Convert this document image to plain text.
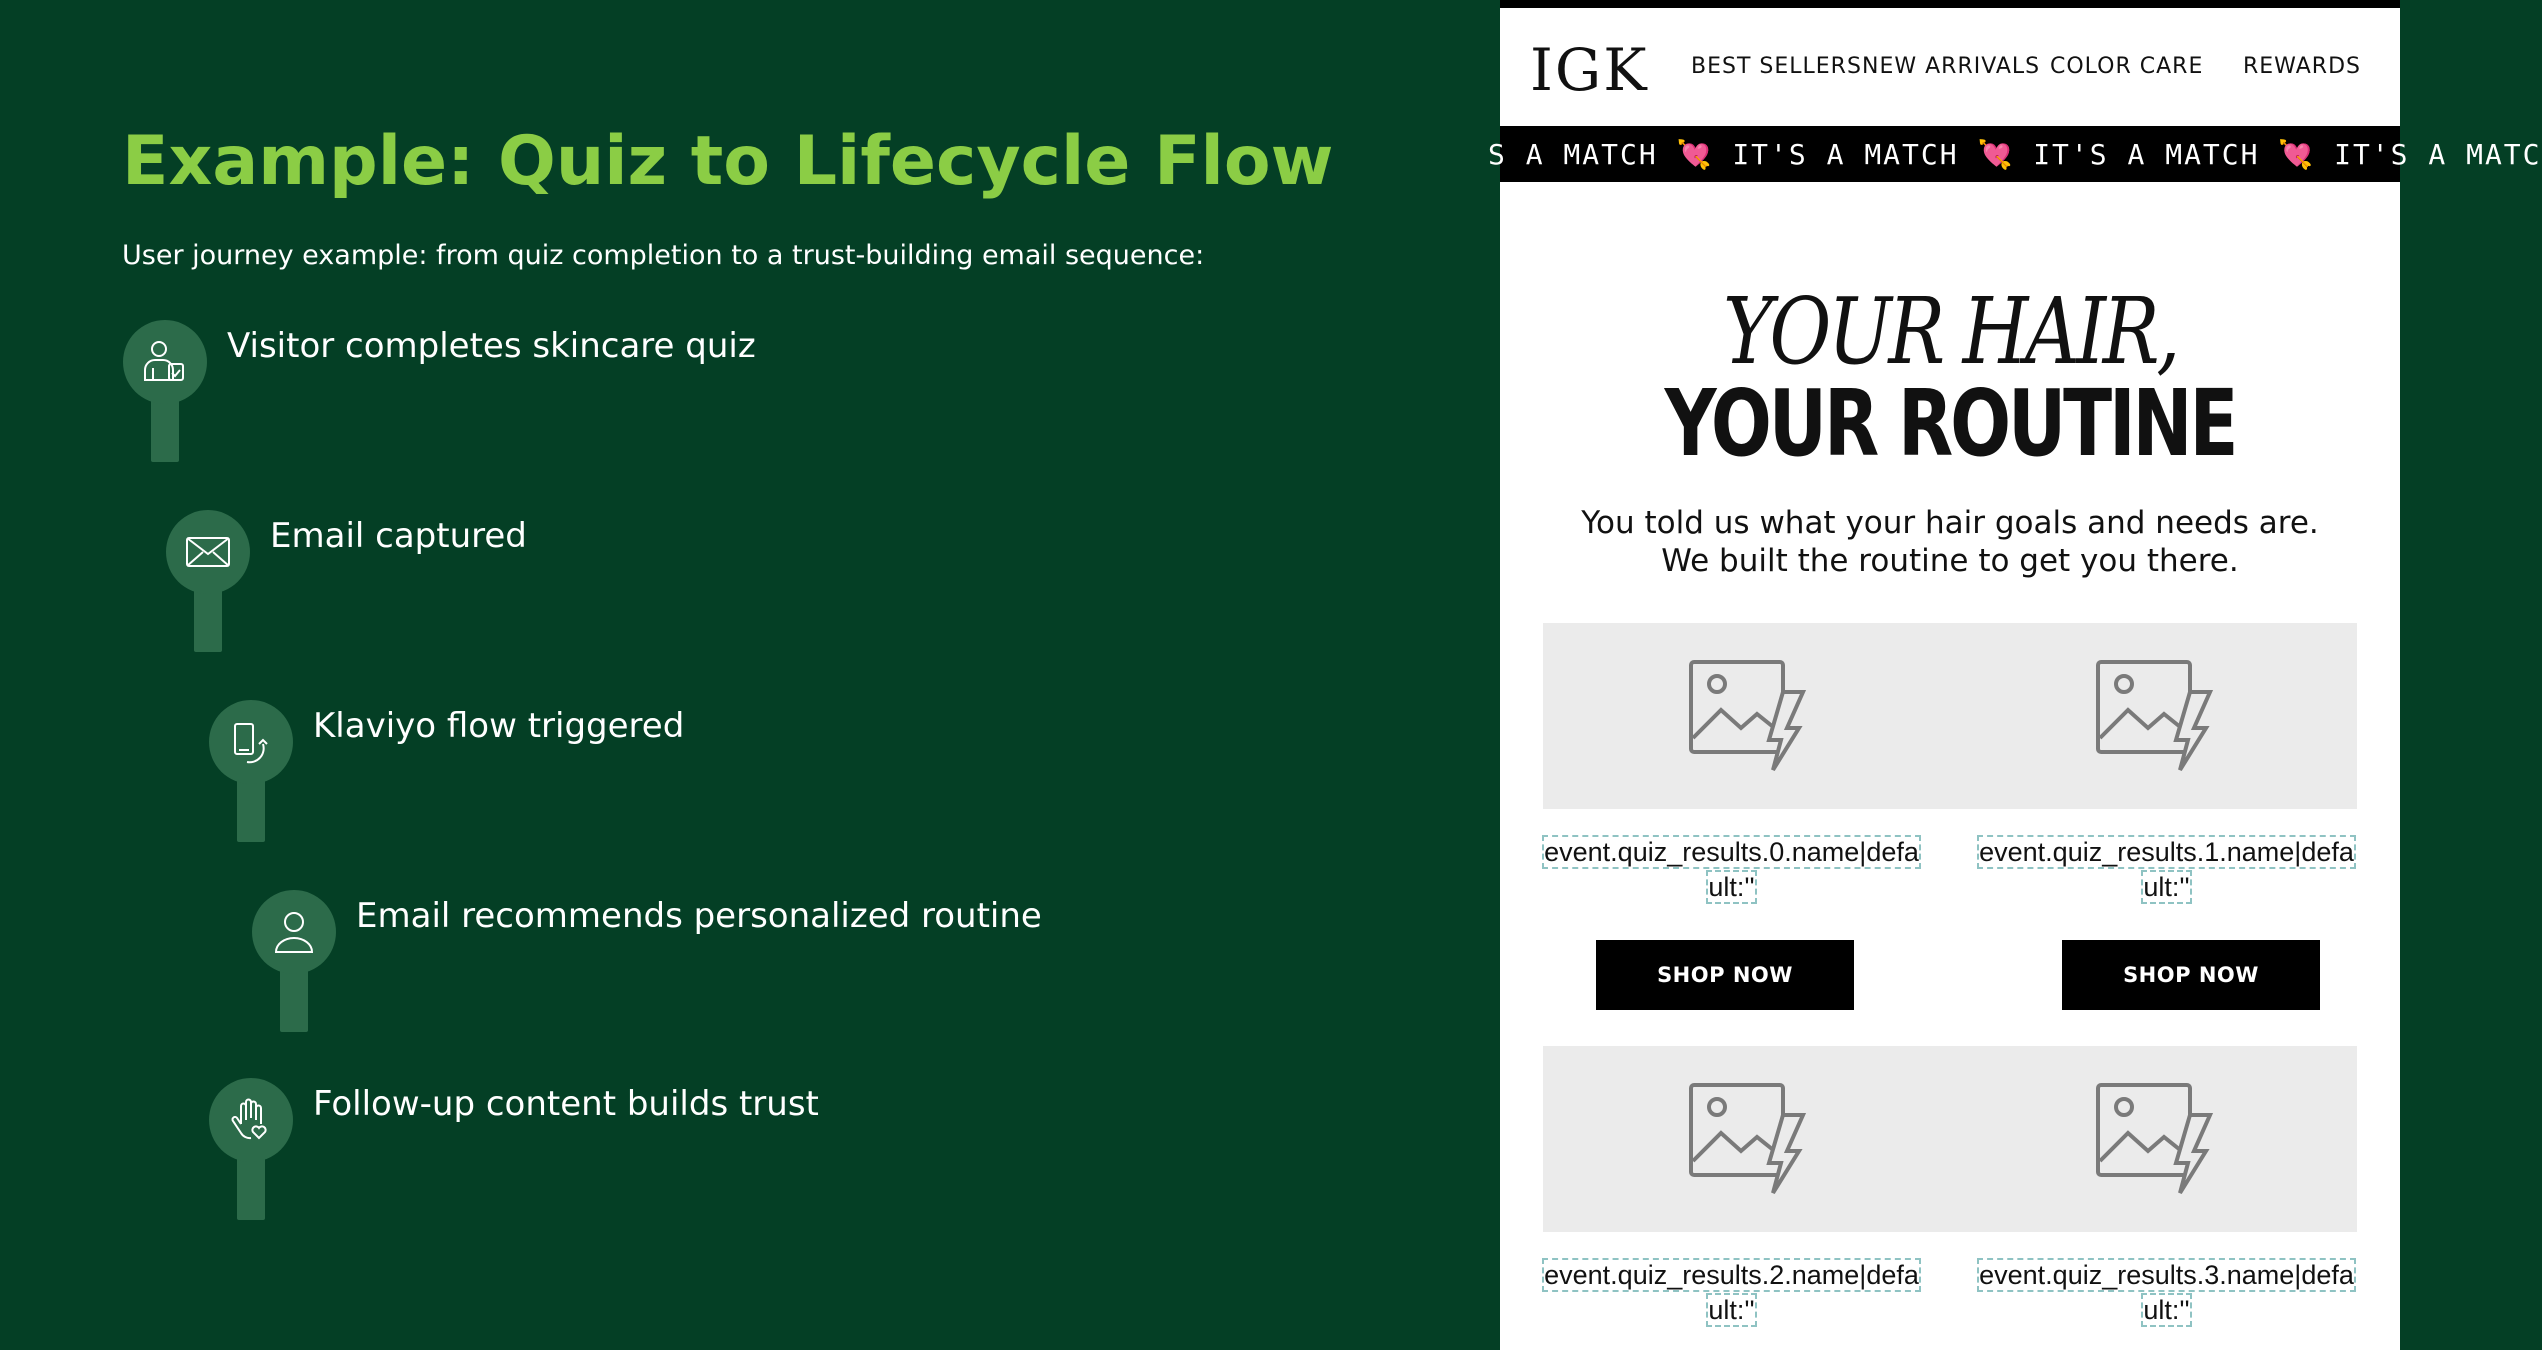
Example: Quiz to Lifecycle Flow
User journey example: from quiz completion to a trust-building email sequence:
Visitor completes skincare quiz
Email captured
Klaviyo flow triggered
Email recommends personalized routine
Follow-up content builds trust
IGK BEST SELLERS NEW ARRIVALS COLOR CARE REWARDS
S A MATCH 💘 IT'S A MATCH 💘 IT'S A MATCH 💘 IT'S A MATC
YOUR HAIR,
YOUR ROUTINE
You told us what your hair goals and needs are.
We built the routine to get you there.
event.quiz_results.0.name|default:''
SHOP NOW
event.quiz_results.1.name|default:''
SHOP NOW
event.quiz_results.2.name|default:''
event.quiz_results.3.name|default:''
